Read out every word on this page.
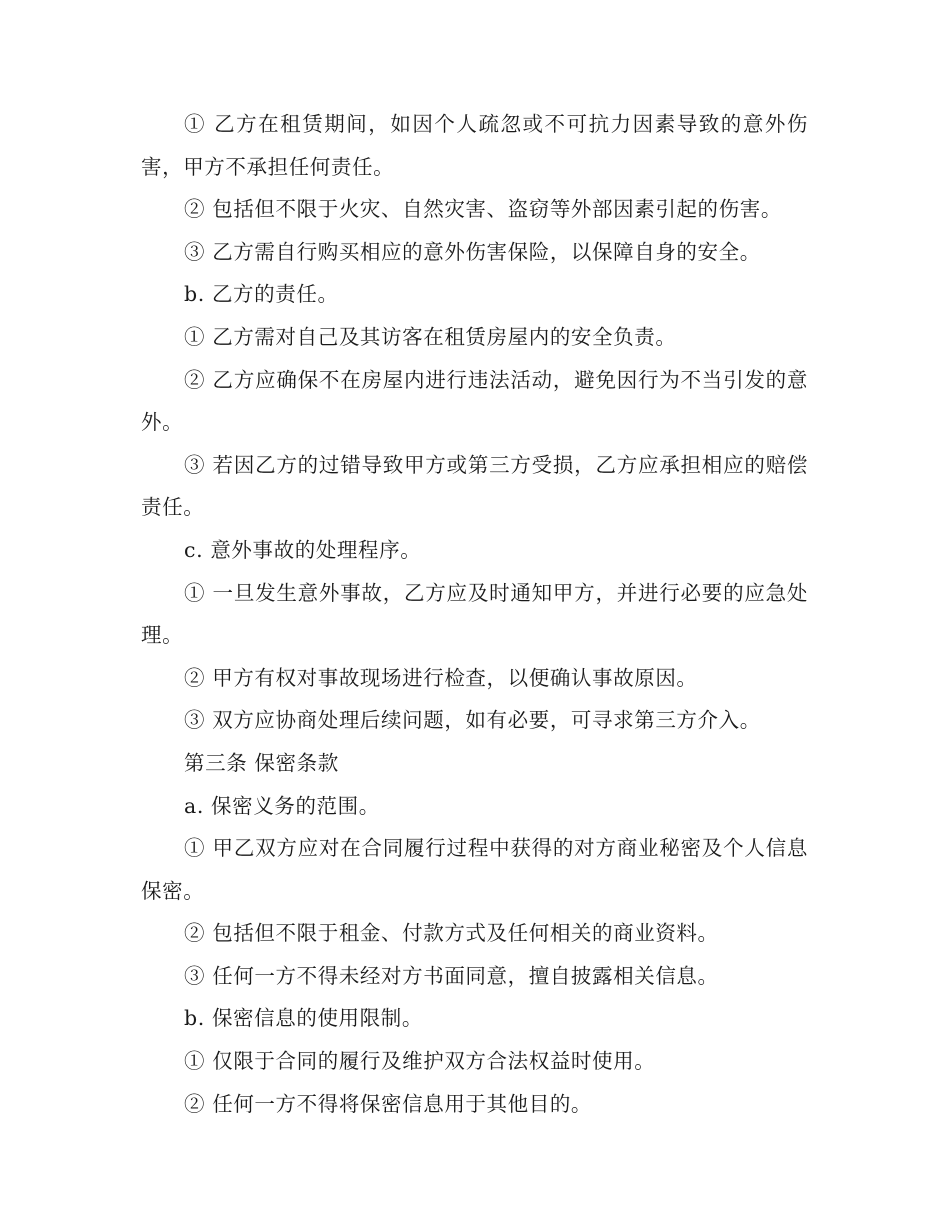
① 乙方在租赁期间，如因个人疏忽或不可抗力因素导致的意外伤害，甲方不承担任何责任。

② 包括但不限于火灾、自然灾害、盗窃等外部因素引起的伤害。

③ 乙方需自行购买相应的意外伤害保险，以保障自身的安全。

b. 乙方的责任。

① 乙方需对自己及其访客在租赁房屋内的安全负责。

② 乙方应确保不在房屋内进行违法活动，避免因行为不当引发的意外。

③ 若因乙方的过错导致甲方或第三方受损，乙方应承担相应的赔偿责任。

c. 意外事故的处理程序。

① 一旦发生意外事故，乙方应及时通知甲方，并进行必要的应急处理。

② 甲方有权对事故现场进行检查，以便确认事故原因。

③ 双方应协商处理后续问题，如有必要，可寻求第三方介入。

第三条 保密条款

a. 保密义务的范围。

① 甲乙双方应对在合同履行过程中获得的对方商业秘密及个人信息保密。

② 包括但不限于租金、付款方式及任何相关的商业资料。

③ 任何一方不得未经对方书面同意，擅自披露相关信息。

b. 保密信息的使用限制。

① 仅限于合同的履行及维护双方合法权益时使用。

② 任何一方不得将保密信息用于其他目的。
